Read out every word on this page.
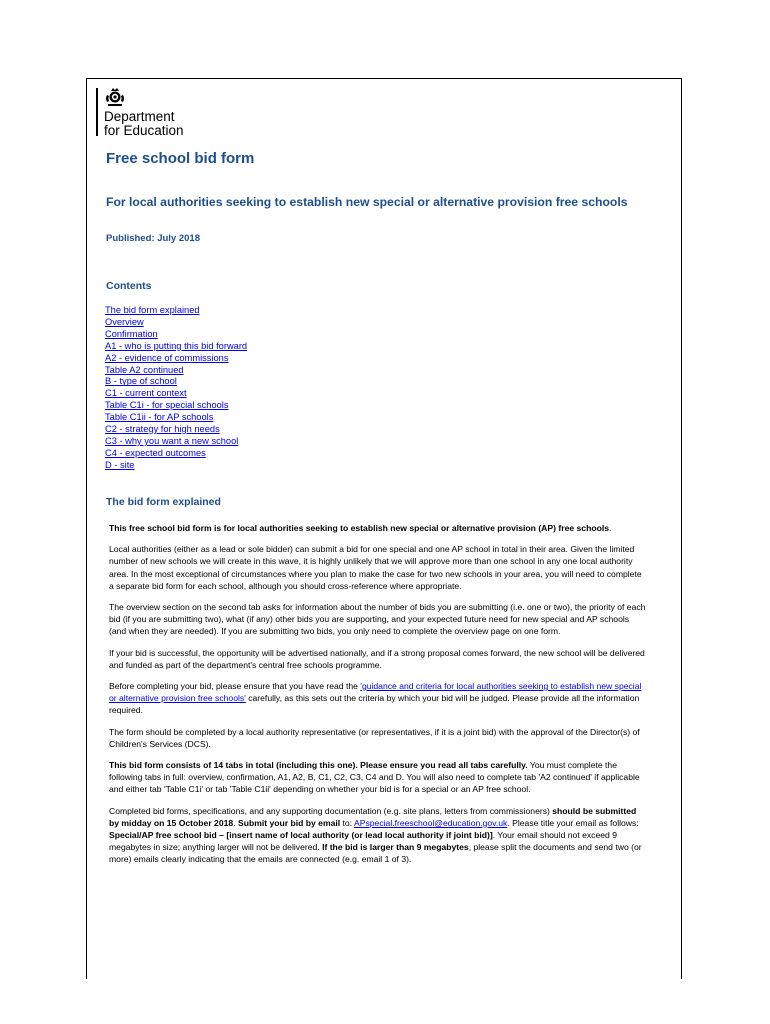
Department
for Education
Free school bid form
For local authorities seeking to establish new special or alternative provision free schools
Published: July 2018
Contents
The bid form explained
Overview
Confirmation
A1 - who is putting this bid forward
A2 - evidence of commissions
Table A2 continued
B - type of school
C1 - current context
Table C1i - for special schools
Table C1ii - for AP schools
C2 - strategy for high needs
C3 - why you want a new school
C4 - expected outcomes
D - site
The bid form explained

This free school bid form is for local authorities seeking to establish new special or alternative provision (AP) free schools.

Local authorities (either as a lead or sole bidder) can submit a bid for one special and one AP school in total in their area. Given the limited number of new schools we will create in this wave, it is highly unlikely that we will approve more than one school in any one local authority area. In the most exceptional of circumstances where you plan to make the case for two new schools in your area, you will need to complete a separate bid form for each school, although you should cross-reference where appropriate.

The overview section on the second tab asks for information about the number of bids you are submitting (i.e. one or two), the priority of each bid (if you are submitting two), what (if any) other bids you are supporting, and your expected future need for new special and AP schools (and when they are needed). If you are submitting two bids, you only need to complete the overview page on one form.

If your bid is successful, the opportunity will be advertised nationally, and if a strong proposal comes forward, the new school will be delivered and funded as part of the department's central free schools programme.

Before completing your bid, please ensure that you have read the 'guidance and criteria for local authorities seeking to establish new special or alternative provision free schools' carefully, as this sets out the criteria by which your bid will be judged. Please provide all the information required.

The form should be completed by a local authority representative (or representatives, if it is a joint bid) with the approval of the Director(s) of Children's Services (DCS).

This bid form consists of 14 tabs in total (including this one). Please ensure you read all tabs carefully. You must complete the following tabs in full: overview, confirmation, A1, A2, B, C1, C2, C3, C4 and D. You will also need to complete tab 'A2 continued' if applicable and either tab 'Table C1i' or tab 'Table C1ii' depending on whether your bid is for a special or an AP free school.

Completed bid forms, specifications, and any supporting documentation (e.g. site plans, letters from commissioners) should be submitted by midday on 15 October 2018. Submit your bid by email to: APspecial.freeschool@education.gov.uk. Please title your email as follows: Special/AP free school bid – [insert name of local authority (or lead local authority if joint bid)]. Your email should not exceed 9 megabytes in size; anything larger will not be delivered. If the bid is larger than 9 megabytes, please split the documents and send two (or more) emails clearly indicating that the emails are connected (e.g. email 1 of 3).
